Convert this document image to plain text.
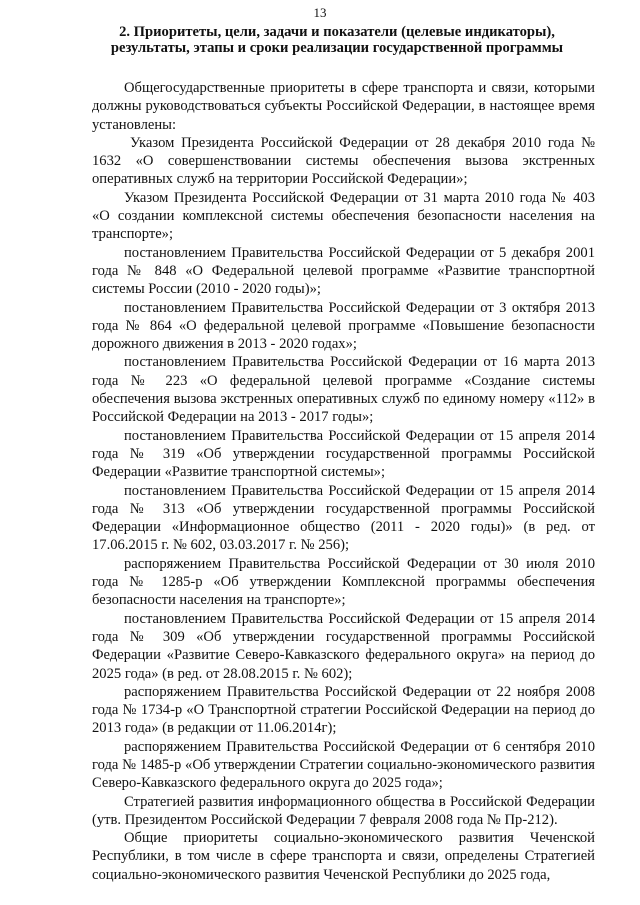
13
2. Приоритеты, цели, задачи и показатели (целевые индикаторы), результаты, этапы и сроки реализации государственной программы

Общегосударственные приоритеты в сфере транспорта и связи, которыми должны руководствоваться субъекты Российской Федерации, в настоящее время установлены:

Указом Президента Российской Федерации от 28 декабря 2010 года № 1632 «О совершенствовании системы обеспечения вызова экстренных оперативных служб на территории Российской Федерации»;

Указом Президента Российской Федерации от 31 марта 2010 года № 403 «О создании комплексной системы обеспечения безопасности населения на транспорте»;

постановлением Правительства Российской Федерации от 5 декабря 2001 года № 848 «О Федеральной целевой программе «Развитие транспортной системы России (2010 - 2020 годы)»;

постановлением Правительства Российской Федерации от 3 октября 2013 года № 864 «О федеральной целевой программе «Повышение безопасности дорожного движения в 2013 - 2020 годах»;

постановлением Правительства Российской Федерации от 16 марта 2013 года № 223 «О федеральной целевой программе «Создание системы обеспечения вызова экстренных оперативных служб по единому номеру «112» в Российской Федерации на 2013 - 2017 годы»;

постановлением Правительства Российской Федерации от 15 апреля 2014 года № 319 «Об утверждении государственной программы Российской Федерации «Развитие транспортной системы»;

постановлением Правительства Российской Федерации от 15 апреля 2014 года № 313 «Об утверждении государственной программы Российской Федерации «Информационное общество (2011 - 2020 годы)» (в ред. от 17.06.2015 г. № 602, 03.03.2017 г. № 256);

распоряжением Правительства Российской Федерации от 30 июля 2010 года № 1285-р «Об утверждении Комплексной программы обеспечения безопасности населения на транспорте»;

постановлением Правительства Российской Федерации от 15 апреля 2014 года № 309 «Об утверждении государственной программы Российской Федерации «Развитие Северо-Кавказского федерального округа» на период до 2025 года» (в ред. от 28.08.2015 г. № 602);

распоряжением Правительства Российской Федерации от 22 ноября 2008 года № 1734-р «О Транспортной стратегии Российской Федерации на период до 2013 года» (в редакции от 11.06.2014г);

распоряжением Правительства Российской Федерации от 6 сентября 2010 года № 1485-р «Об утверждении Стратегии социально-экономического развития Северо-Кавказского федерального округа до 2025 года»;

Стратегией развития информационного общества в Российской Федерации (утв. Президентом Российской Федерации 7 февраля 2008 года № Пр-212).

Общие приоритеты социально-экономического развития Чеченской Республики, в том числе в сфере транспорта и связи, определены Стратегией социально-экономического развития Чеченской Республики до 2025 года,
